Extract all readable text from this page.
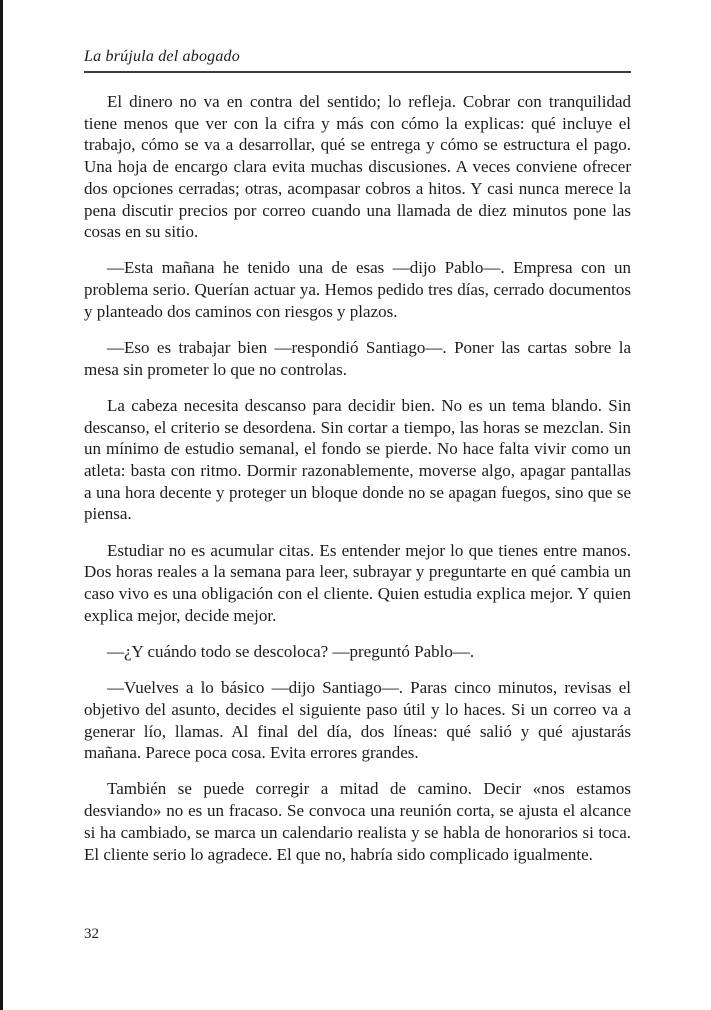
La brújula del abogado

El dinero no va en contra del sentido; lo refleja. Cobrar con tranquilidad tiene menos que ver con la cifra y más con cómo la explicas: qué incluye el trabajo, cómo se va a desarrollar, qué se entrega y cómo se estructura el pago. Una hoja de encargo clara evita muchas discusiones. A veces conviene ofrecer dos opciones cerradas; otras, acompasar cobros a hitos. Y casi nunca merece la pena discutir precios por correo cuando una llamada de diez minutos pone las cosas en su sitio.

—Esta mañana he tenido una de esas —dijo Pablo—. Empresa con un problema serio. Querían actuar ya. Hemos pedido tres días, cerrado documentos y planteado dos caminos con riesgos y plazos.

—Eso es trabajar bien —respondió Santiago—. Poner las cartas sobre la mesa sin prometer lo que no controlas.

La cabeza necesita descanso para decidir bien. No es un tema blando. Sin descanso, el criterio se desordena. Sin cortar a tiempo, las horas se mezclan. Sin un mínimo de estudio semanal, el fondo se pierde. No hace falta vivir como un atleta: basta con ritmo. Dormir razonablemente, moverse algo, apagar pantallas a una hora decente y proteger un bloque donde no se apagan fuegos, sino que se piensa.

Estudiar no es acumular citas. Es entender mejor lo que tienes entre manos. Dos horas reales a la semana para leer, subrayar y preguntarte en qué cambia un caso vivo es una obligación con el cliente. Quien estudia explica mejor. Y quien explica mejor, decide mejor.

—¿Y cuándo todo se descoloca? —preguntó Pablo—.

—Vuelves a lo básico —dijo Santiago—. Paras cinco minutos, revisas el objetivo del asunto, decides el siguiente paso útil y lo haces. Si un correo va a generar lío, llamas. Al final del día, dos líneas: qué salió y qué ajustarás mañana. Parece poca cosa. Evita errores grandes.

También se puede corregir a mitad de camino. Decir «nos estamos desviando» no es un fracaso. Se convoca una reunión corta, se ajusta el alcance si ha cambiado, se marca un calendario realista y se habla de honorarios si toca. El cliente serio lo agradece. El que no, habría sido complicado igualmente.

32
